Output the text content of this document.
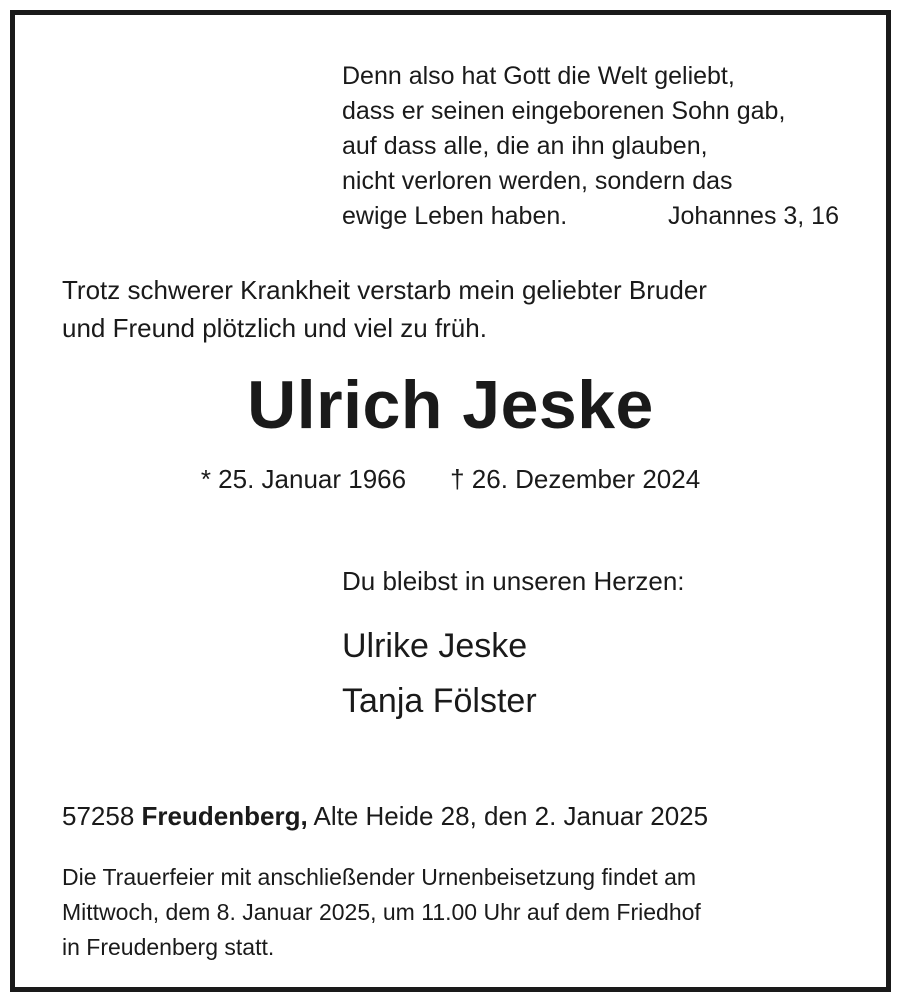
Denn also hat Gott die Welt geliebt,
dass er seinen eingeborenen Sohn gab,
auf dass alle, die an ihn glauben,
nicht verloren werden, sondern das
ewige Leben haben.	Johannes 3, 16
Trotz schwerer Krankheit verstarb mein geliebter Bruder
und Freund plötzlich und viel zu früh.
Ulrich Jeske
* 25. Januar 1966 † 26. Dezember 2024
Du bleibst in unseren Herzen:
Ulrike Jeske
Tanja Fölster
57258 Freudenberg, Alte Heide 28, den 2. Januar 2025
Die Trauerfeier mit anschließender Urnenbeisetzung findet am
Mittwoch, dem 8. Januar 2025, um 11.00 Uhr auf dem Friedhof
in Freudenberg statt.
